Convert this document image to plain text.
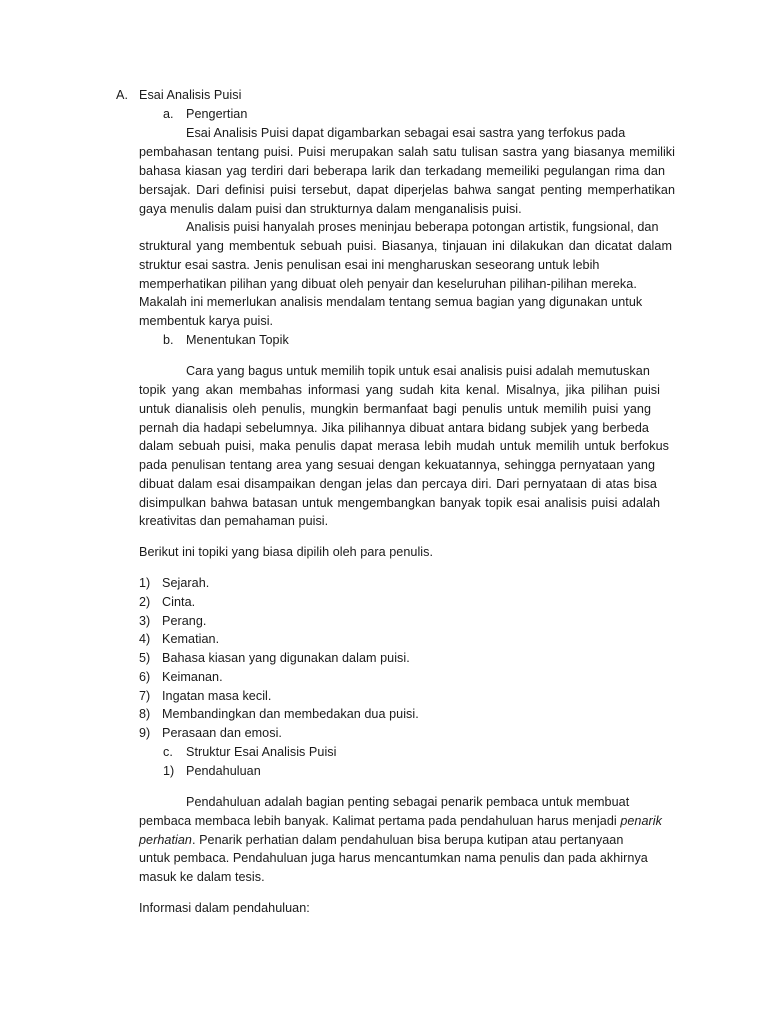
A. Esai Analisis Puisi
a. Pengertian
Esai Analisis Puisi dapat digambarkan sebagai esai sastra yang terfokus pada
pembahasan tentang puisi. Puisi merupakan salah satu tulisan sastra yang biasanya memiliki
bahasa kiasan yag terdiri dari beberapa larik dan terkadang memeiliki pegulangan rima dan
bersajak. Dari definisi puisi tersebut, dapat diperjelas bahwa sangat penting memperhatikan
gaya menulis dalam puisi dan strukturnya dalam menganalisis puisi.
Analisis puisi hanyalah proses meninjau beberapa potongan artistik, fungsional, dan
struktural yang membentuk sebuah puisi. Biasanya, tinjauan ini dilakukan dan dicatat dalam
struktur esai sastra. Jenis penulisan esai ini mengharuskan seseorang untuk lebih
memperhatikan pilihan yang dibuat oleh penyair dan keseluruhan pilihan-pilihan mereka.
Makalah ini memerlukan analisis mendalam tentang semua bagian yang digunakan untuk
membentuk karya puisi.
b. Menentukan Topik
Cara yang bagus untuk memilih topik untuk esai analisis puisi adalah memutuskan
topik yang akan membahas informasi yang sudah kita kenal. Misalnya, jika pilihan puisi
untuk dianalisis oleh penulis, mungkin bermanfaat bagi penulis untuk memilih puisi yang
pernah dia hadapi sebelumnya. Jika pilihannya dibuat antara bidang subjek yang berbeda
dalam sebuah puisi, maka penulis dapat merasa lebih mudah untuk memilih untuk berfokus
pada penulisan tentang area yang sesuai dengan kekuatannya, sehingga pernyataan yang
dibuat dalam esai disampaikan dengan jelas dan percaya diri. Dari pernyataan di atas bisa
disimpulkan bahwa batasan untuk mengembangkan banyak topik esai analisis puisi adalah
kreativitas dan pemahaman puisi.
Berikut ini topiki yang biasa dipilih oleh para penulis.
1) Sejarah.
2) Cinta.
3) Perang.
4) Kematian.
5) Bahasa kiasan yang digunakan dalam puisi.
6) Keimanan.
7) Ingatan masa kecil.
8) Membandingkan dan membedakan dua puisi.
9) Perasaan dan emosi.
c. Struktur Esai Analisis Puisi
1) Pendahuluan
Pendahuluan adalah bagian penting sebagai penarik pembaca untuk membuat
pembaca membaca lebih banyak. Kalimat pertama pada pendahuluan harus menjadi penarik
perhatian. Penarik perhatian dalam pendahuluan bisa berupa kutipan atau pertanyaan
untuk pembaca. Pendahuluan juga harus mencantumkan nama penulis dan pada akhirnya
masuk ke dalam tesis.
Informasi dalam pendahuluan:
